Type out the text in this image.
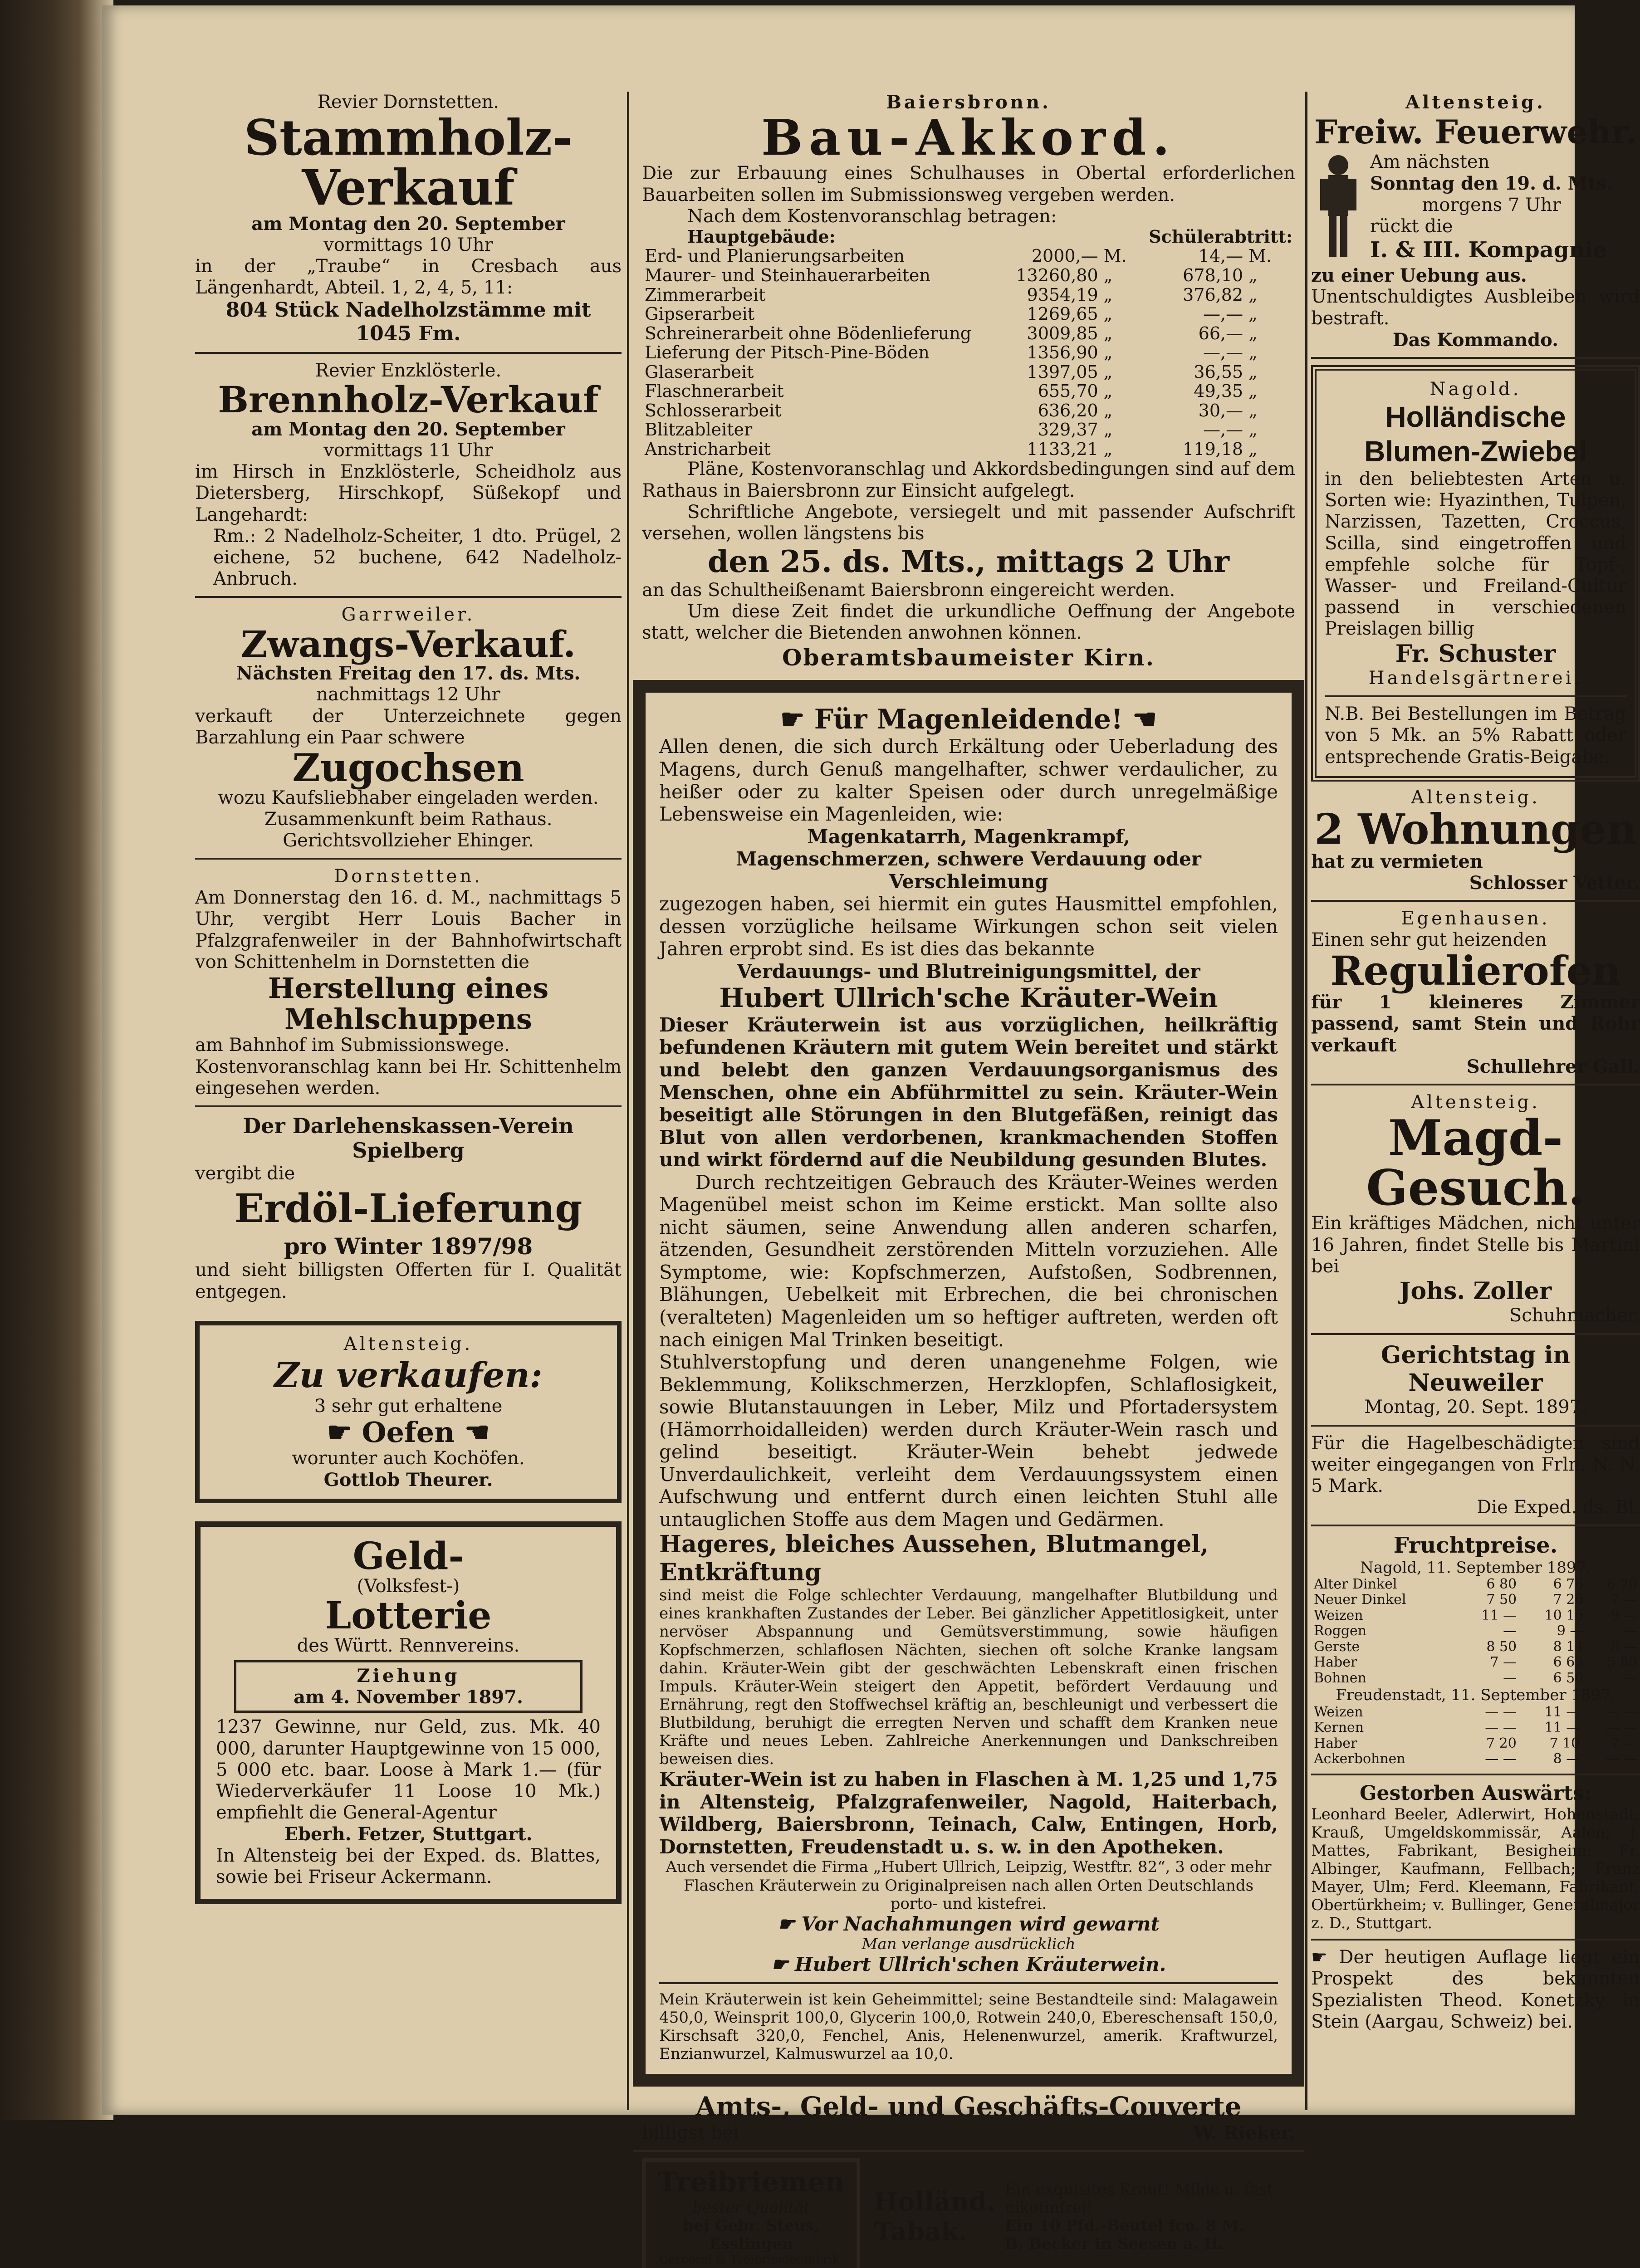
Revier Dornstetten.

Stammholz-

Verkauf

am Montag den 20. September

vormittags 10 Uhr

in der „Traube“ in Cresbach aus Längenhardt, Abteil. 1, 2, 4, 5, 11:

804 Stück Nadelholzstämme mit 1045 Fm.

Revier Enzklösterle.

Brennholz-Verkauf

am Montag den 20. September

vormittags 11 Uhr

im Hirsch in Enzklösterle, Scheidholz aus Dietersberg, Hirschkopf, Süßekopf und Langehardt:

Rm.: 2 Nadelholz-Scheiter, 1 dto. Prügel, 2 eichene, 52 buchene, 642 Nadelholz-Anbruch.

Garrweiler.

Zwangs-Verkauf.

Nächsten Freitag den 17. ds. Mts.

nachmittags 12 Uhr

verkauft der Unterzeichnete gegen Barzahlung ein Paar schwere

Zugochsen

wozu Kaufsliebhaber eingeladen werden.

Zusammenkunft beim Rathaus.

Gerichtsvollzieher Ehinger.

Dornstetten.

Am Donnerstag den 16. d. M., nachmittags 5 Uhr, vergibt Herr Louis Bacher in Pfalzgrafenweiler in der Bahnhofwirtschaft von Schittenhelm in Dornstetten die

Herstellung eines Mehlschuppens

am Bahnhof im Submissionswege.

Kostenvoranschlag kann bei Hr. Schittenhelm eingesehen werden.

Der Darlehenskassen-Verein

Spielberg

vergibt die

Erdöl-Lieferung

pro Winter 1897/98

und sieht billigsten Offerten für I. Qualität entgegen.

Altensteig.

Zu verkaufen:

3 sehr gut erhaltene

☛ Oefen ☚

worunter auch Kochöfen.

Gottlob Theurer.

Geld-

(Volksfest-)

Lotterie

des Württ. Rennvereins.

Ziehung

am 4. November 1897.

1237 Gewinne, nur Geld, zus. Mk. 40 000, darunter Hauptgewinne von 15 000, 5 000 etc. baar. Loose à Mark 1.— (für Wiederverkäufer 11 Loose 10 Mk.) empfiehlt die General-Agentur

Eberh. Fetzer, Stuttgart.

In Altensteig bei der Exped. ds. Blattes, sowie bei Friseur Ackermann.

Baiersbronn.

Bau-Akkord.

Die zur Erbauung eines Schulhauses in Obertal erforderlichen Bauarbeiten sollen im Submissionsweg vergeben werden.

Nach dem Kostenvoranschlag betragen:

Hauptgebäude:			Schülerabtritt:	
Erd- und Planierungsarbeiten	2000,—	M.	14,—	M.
Maurer- und Steinhauerarbeiten	13260,80	„	678,10	„
Zimmerarbeit	9354,19	„	376,82	„
Gipserarbeit	1269,65	„	—,—	„
Schreinerarbeit ohne Bödenlieferung	3009,85	„	66,—	„
Lieferung der Pitsch-Pine-Böden	1356,90	„	—,—	„
Glaserarbeit	1397,05	„	36,55	„
Flaschnerarbeit	655,70	„	49,35	„
Schlosserarbeit	636,20	„	30,—	„
Blitzableiter	329,37	„	—,—	„
Anstricharbeit	1133,21	„	119,18	„

Pläne, Kostenvoranschlag und Akkordsbedingungen sind auf dem Rathaus in Baiersbronn zur Einsicht aufgelegt.

Schriftliche Angebote, versiegelt und mit passender Aufschrift versehen, wollen längstens bis

den 25. ds. Mts., mittags 2 Uhr

an das Schultheißenamt Baiersbronn eingereicht werden.

Um diese Zeit findet die urkundliche Oeffnung der Angebote statt, welcher die Bietenden anwohnen können.

Oberamtsbaumeister Kirn.

☛ Für Magenleidende! ☚

Allen denen, die sich durch Erkältung oder Ueberladung des Magens, durch Genuß mangelhafter, schwer verdaulicher, zu heißer oder zu kalter Speisen oder durch unregelmäßige Lebensweise ein Magenleiden, wie:

Magenkatarrh, Magenkrampf,

Magenschmerzen, schwere Verdauung oder Verschleimung

zugezogen haben, sei hiermit ein gutes Hausmittel empfohlen, dessen vorzügliche heilsame Wirkungen schon seit vielen Jahren erprobt sind. Es ist dies das bekannte

Verdauungs- und Blutreinigungsmittel, der

Hubert Ullrich'sche Kräuter-Wein

Dieser Kräuterwein ist aus vorzüglichen, heilkräftig befundenen Kräutern mit gutem Wein bereitet und stärkt und belebt den ganzen Verdauungsorganismus des Menschen, ohne ein Abführmittel zu sein. Kräuter-Wein beseitigt alle Störungen in den Blutgefäßen, reinigt das Blut von allen verdorbenen, krankmachenden Stoffen und wirkt fördernd auf die Neubildung gesunden Blutes.

Durch rechtzeitigen Gebrauch des Kräuter-Weines werden Magenübel meist schon im Keime erstickt. Man sollte also nicht säumen, seine Anwendung allen anderen scharfen, ätzenden, Gesundheit zerstörenden Mitteln vorzuziehen. Alle Symptome, wie: Kopfschmerzen, Aufstoßen, Sodbrennen, Blähungen, Uebelkeit mit Erbrechen, die bei chronischen (veralteten) Magenleiden um so heftiger auftreten, werden oft nach einigen Mal Trinken beseitigt.

Stuhlverstopfung und deren unangenehme Folgen, wie Beklemmung, Kolikschmerzen, Herzklopfen, Schlaflosigkeit, sowie Blutanstauungen in Leber, Milz und Pfortadersystem (Hämorrhoidalleiden) werden durch Kräuter-Wein rasch und gelind beseitigt. Kräuter-Wein behebt jedwede Unverdaulichkeit, verleiht dem Verdauungssystem einen Aufschwung und entfernt durch einen leichten Stuhl alle untauglichen Stoffe aus dem Magen und Gedärmen.

Hageres, bleiches Aussehen, Blutmangel, Entkräftung

sind meist die Folge schlechter Verdauung, mangelhafter Blutbildung und eines krankhaften Zustandes der Leber. Bei gänzlicher Appetitlosigkeit, unter nervöser Abspannung und Gemütsverstimmung, sowie häufigen Kopfschmerzen, schlaflosen Nächten, siechen oft solche Kranke langsam dahin. Kräuter-Wein gibt der geschwächten Lebenskraft einen frischen Impuls. Kräuter-Wein steigert den Appetit, befördert Verdauung und Ernährung, regt den Stoffwechsel kräftig an, beschleunigt und verbessert die Blutbildung, beruhigt die erregten Nerven und schafft dem Kranken neue Kräfte und neues Leben. Zahlreiche Anerkennungen und Dankschreiben beweisen dies.

Kräuter-Wein ist zu haben in Flaschen à M. 1,25 und 1,75 in Altensteig, Pfalzgrafenweiler, Nagold, Haiterbach, Wildberg, Baiersbronn, Teinach, Calw, Entingen, Horb, Dornstetten, Freudenstadt u. s. w. in den Apotheken.

Auch versendet die Firma „Hubert Ullrich, Leipzig, Westftr. 82“, 3 oder mehr Flaschen Kräuterwein zu Originalpreisen nach allen Orten Deutschlands porto- und kistefrei.

☛ Vor Nachahmungen wird gewarnt

Man verlange ausdrücklich

☛ Hubert Ullrich'schen Kräuterwein.

Mein Kräuterwein ist kein Geheimmittel; seine Bestandteile sind: Malagawein 450,0, Weinsprit 100,0, Glycerin 100,0, Rotwein 240,0, Ebereschensaft 150,0, Kirschsaft 320,0, Fenchel, Anis, Helenenwurzel, amerik. Kraftwurzel, Enzianwurzel, Kalmuswurzel aa 10,0.

Amts-, Geld- und Geschäfts-Couverte

billigst bei	W. Rieker.

Treibriemen

bester Qualität

bei Gebr. Steus, Esslingen

Gerberei & Treibriemenfabrik.

Holländ.

Tabak.

Ein exquisites Kraut! Milde u. fast nikotinfrei!

Ein 10 Pfd.-Beutel fco. 8 M.

B. Becker in Seesen a. H.

Altensteig.

Freiw. Feuerwehr.

Am nächsten

Sonntag den 19. d. Mts.

morgens 7 Uhr

rückt die

I. & III. Kompagnie

zu einer Uebung aus.

Unentschuldigtes Ausbleiben wird bestraft.

Das Kommando.

Nagold.

Holländische Blumen-Zwiebel

in den beliebtesten Arten u. Sorten wie: Hyazinthen, Tulpen, Narzissen, Tazetten, Croccus, Scilla, sind eingetroffen und empfehle solche für Topf-, Wasser- und Freiland-Cultur passend in verschiedenen Preislagen billig

Fr. Schuster

Handelsgärtnerei.

N.B. Bei Bestellungen im Betrag von 5 Mk. an 5% Rabatt oder entsprechende Gratis-Beigabe.

Altensteig.

2 Wohnungen

hat zu vermieten

Schlosser Vetter.

Egenhausen.

Einen sehr gut heizenden

Regulierofen

für 1 kleineres Zimmer passend, samt Stein und Rohr verkauft

Schullehrer Gall.

Altensteig.

Magd-Gesuch.

Ein kräftiges Mädchen, nicht unter 16 Jahren, findet Stelle bis Martini bei

Johs. Zoller

Schuhmacher.

Gerichtstag in Neuweiler

Montag, 20. Sept. 1897.

Für die Hagelbeschädigten sind weiter eingegangen von Frln. N. N. 5 Mark.

Die Exped. ds. Bl.

Fruchtpreise.

Nagold, 11. September 1897.

Alter Dinkel	6 80	6 76	6 70
Neuer Dinkel	7 50	7 26	7 —
Weizen	11 —	10 16	9 —
Roggen	—	9 —	—
Gerste	8 50	8 14	8 —
Haber	7 —	6 63	5 80
Bohnen	—	6 50	—

Freudenstadt, 11. September 1897.

Weizen	— —	11 —	— —
Kernen	— —	11 —	— —
Haber	7 20	7 10	7 —
Ackerbohnen	— —	8 —	— —

Gestorben Auswärts:

Leonhard Beeler, Adlerwirt, Hohenstadt; Krauß, Umgeldskommissär, Aalen; J. Mattes, Fabrikant, Besigheim; Fr. Albinger, Kaufmann, Fellbach; Franz Mayer, Ulm; Ferd. Kleemann, Fabrikant, Obertürkheim; v. Bullinger, Generalmajor z. D., Stuttgart.

☛ Der heutigen Auflage liegt ein Prospekt des bekannten Spezialisten Theod. Konetzky in Stein (Aargau, Schweiz) bei.
